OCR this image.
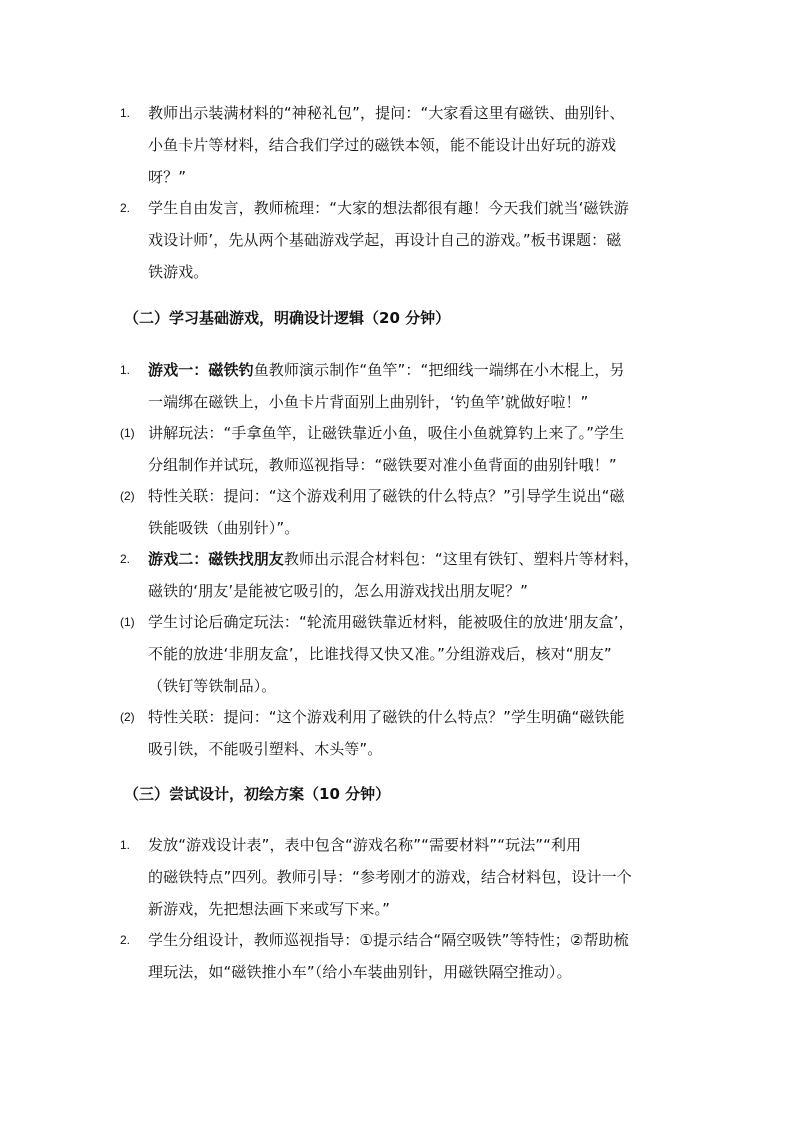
1. 教师出示装满材料的“神秘礼包”，提问：“大家看这里有磁铁、曲别针、
小鱼卡片等材料，结合我们学过的磁铁本领，能不能设计出好玩的游戏
呀？”
2. 学生自由发言，教师梳理：“大家的想法都很有趣！今天我们就当‘磁铁游
戏设计师’，先从两个基础游戏学起，再设计自己的游戏。”板书课题：磁
铁游戏。
（二）学习基础游戏，明确设计逻辑（20 分钟）
1. 游戏一：磁铁钓鱼教师演示制作“鱼竿”：“把细线一端绑在小木棍上，另
一端绑在磁铁上，小鱼卡片背面别上曲别针，‘钓鱼竿’就做好啦！”
(1) 讲解玩法：“手拿鱼竿，让磁铁靠近小鱼，吸住小鱼就算钓上来了。”学生
分组制作并试玩，教师巡视指导：“磁铁要对准小鱼背面的曲别针哦！”
(2) 特性关联：提问：“这个游戏利用了磁铁的什么特点？”引导学生说出“磁
铁能吸铁（曲别针）”。
2. 游戏二：磁铁找朋友教师出示混合材料包：“这里有铁钉、塑料片等材料，
磁铁的‘朋友’是能被它吸引的，怎么用游戏找出朋友呢？”
(1) 学生讨论后确定玩法：“轮流用磁铁靠近材料，能被吸住的放进‘朋友盒’，
不能的放进‘非朋友盒’，比谁找得又快又准。”分组游戏后，核对“朋友”
（铁钉等铁制品）。
(2) 特性关联：提问：“这个游戏利用了磁铁的什么特点？”学生明确“磁铁能
吸引铁，不能吸引塑料、木头等”。
（三）尝试设计，初绘方案（10 分钟）
1. 发放“游戏设计表”，表中包含“游戏名称”“需要材料”“玩法”“利用
的磁铁特点”四列。教师引导：“参考刚才的游戏，结合材料包，设计一个
新游戏，先把想法画下来或写下来。”
2. 学生分组设计，教师巡视指导：①提示结合“隔空吸铁”等特性；②帮助梳
理玩法，如“磁铁推小车”（给小车装曲别针，用磁铁隔空推动）。
